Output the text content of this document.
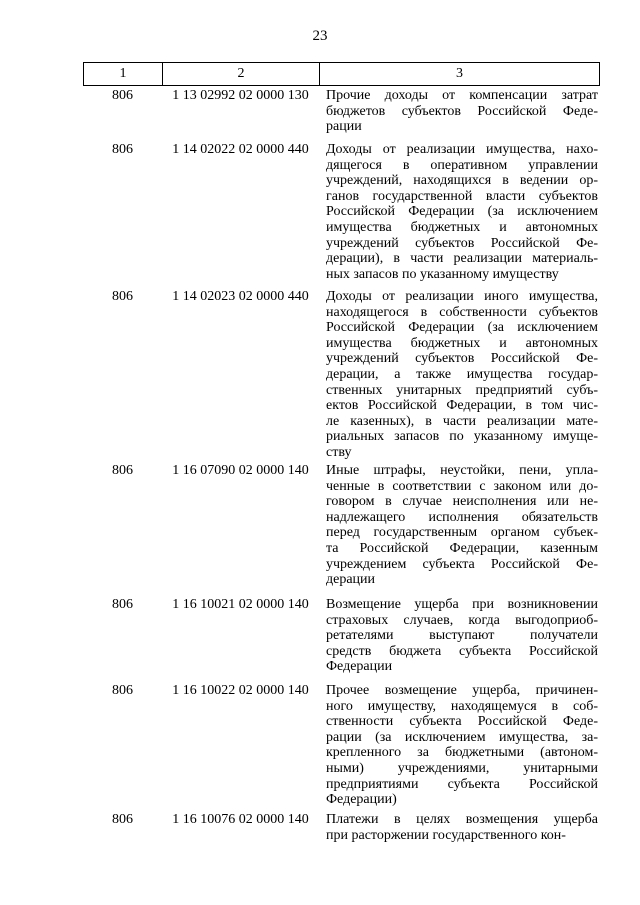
23
1	2	3
806	1 13 02992 02 0000 130	Прочие доходы от компенсации затрат
бюджетов субъектов Российской Феде-
рации
806	1 14 02022 02 0000 440	Доходы от реализации имущества, нахо-
дящегося в оперативном управлении
учреждений, находящихся в ведении ор-
ганов государственной власти субъектов
Российской Федерации (за исключением
имущества бюджетных и автономных
учреждений субъектов Российской Фе-
дерации), в части реализации материаль-
ных запасов по указанному имуществу
806	1 14 02023 02 0000 440	Доходы от реализации иного имущества,
находящегося в собственности субъектов
Российской Федерации (за исключением
имущества бюджетных и автономных
учреждений субъектов Российской Фе-
дерации, а также имущества государ-
ственных унитарных предприятий субъ-
ектов Российской Федерации, в том чис-
ле казенных), в части реализации мате-
риальных запасов по указанному имуще-
ству
806	1 16 07090 02 0000 140	Иные штрафы, неустойки, пени, упла-
ченные в соответствии с законом или до-
говором в случае неисполнения или не-
надлежащего исполнения обязательств
перед государственным органом субъек-
та Российской Федерации, казенным
учреждением субъекта Российской Фе-
дерации
806	1 16 10021 02 0000 140	Возмещение ущерба при возникновении
страховых случаев, когда выгодоприоб-
ретателями выступают получатели
средств бюджета субъекта Российской
Федерации
806	1 16 10022 02 0000 140	Прочее возмещение ущерба, причинен-
ного имуществу, находящемуся в соб-
ственности субъекта Российской Феде-
рации (за исключением имущества, за-
крепленного за бюджетными (автоном-
ными) учреждениями, унитарными
предприятиями субъекта Российской
Федерации)
806	1 16 10076 02 0000 140	Платежи в целях возмещения ущерба
при расторжении государственного кон-
